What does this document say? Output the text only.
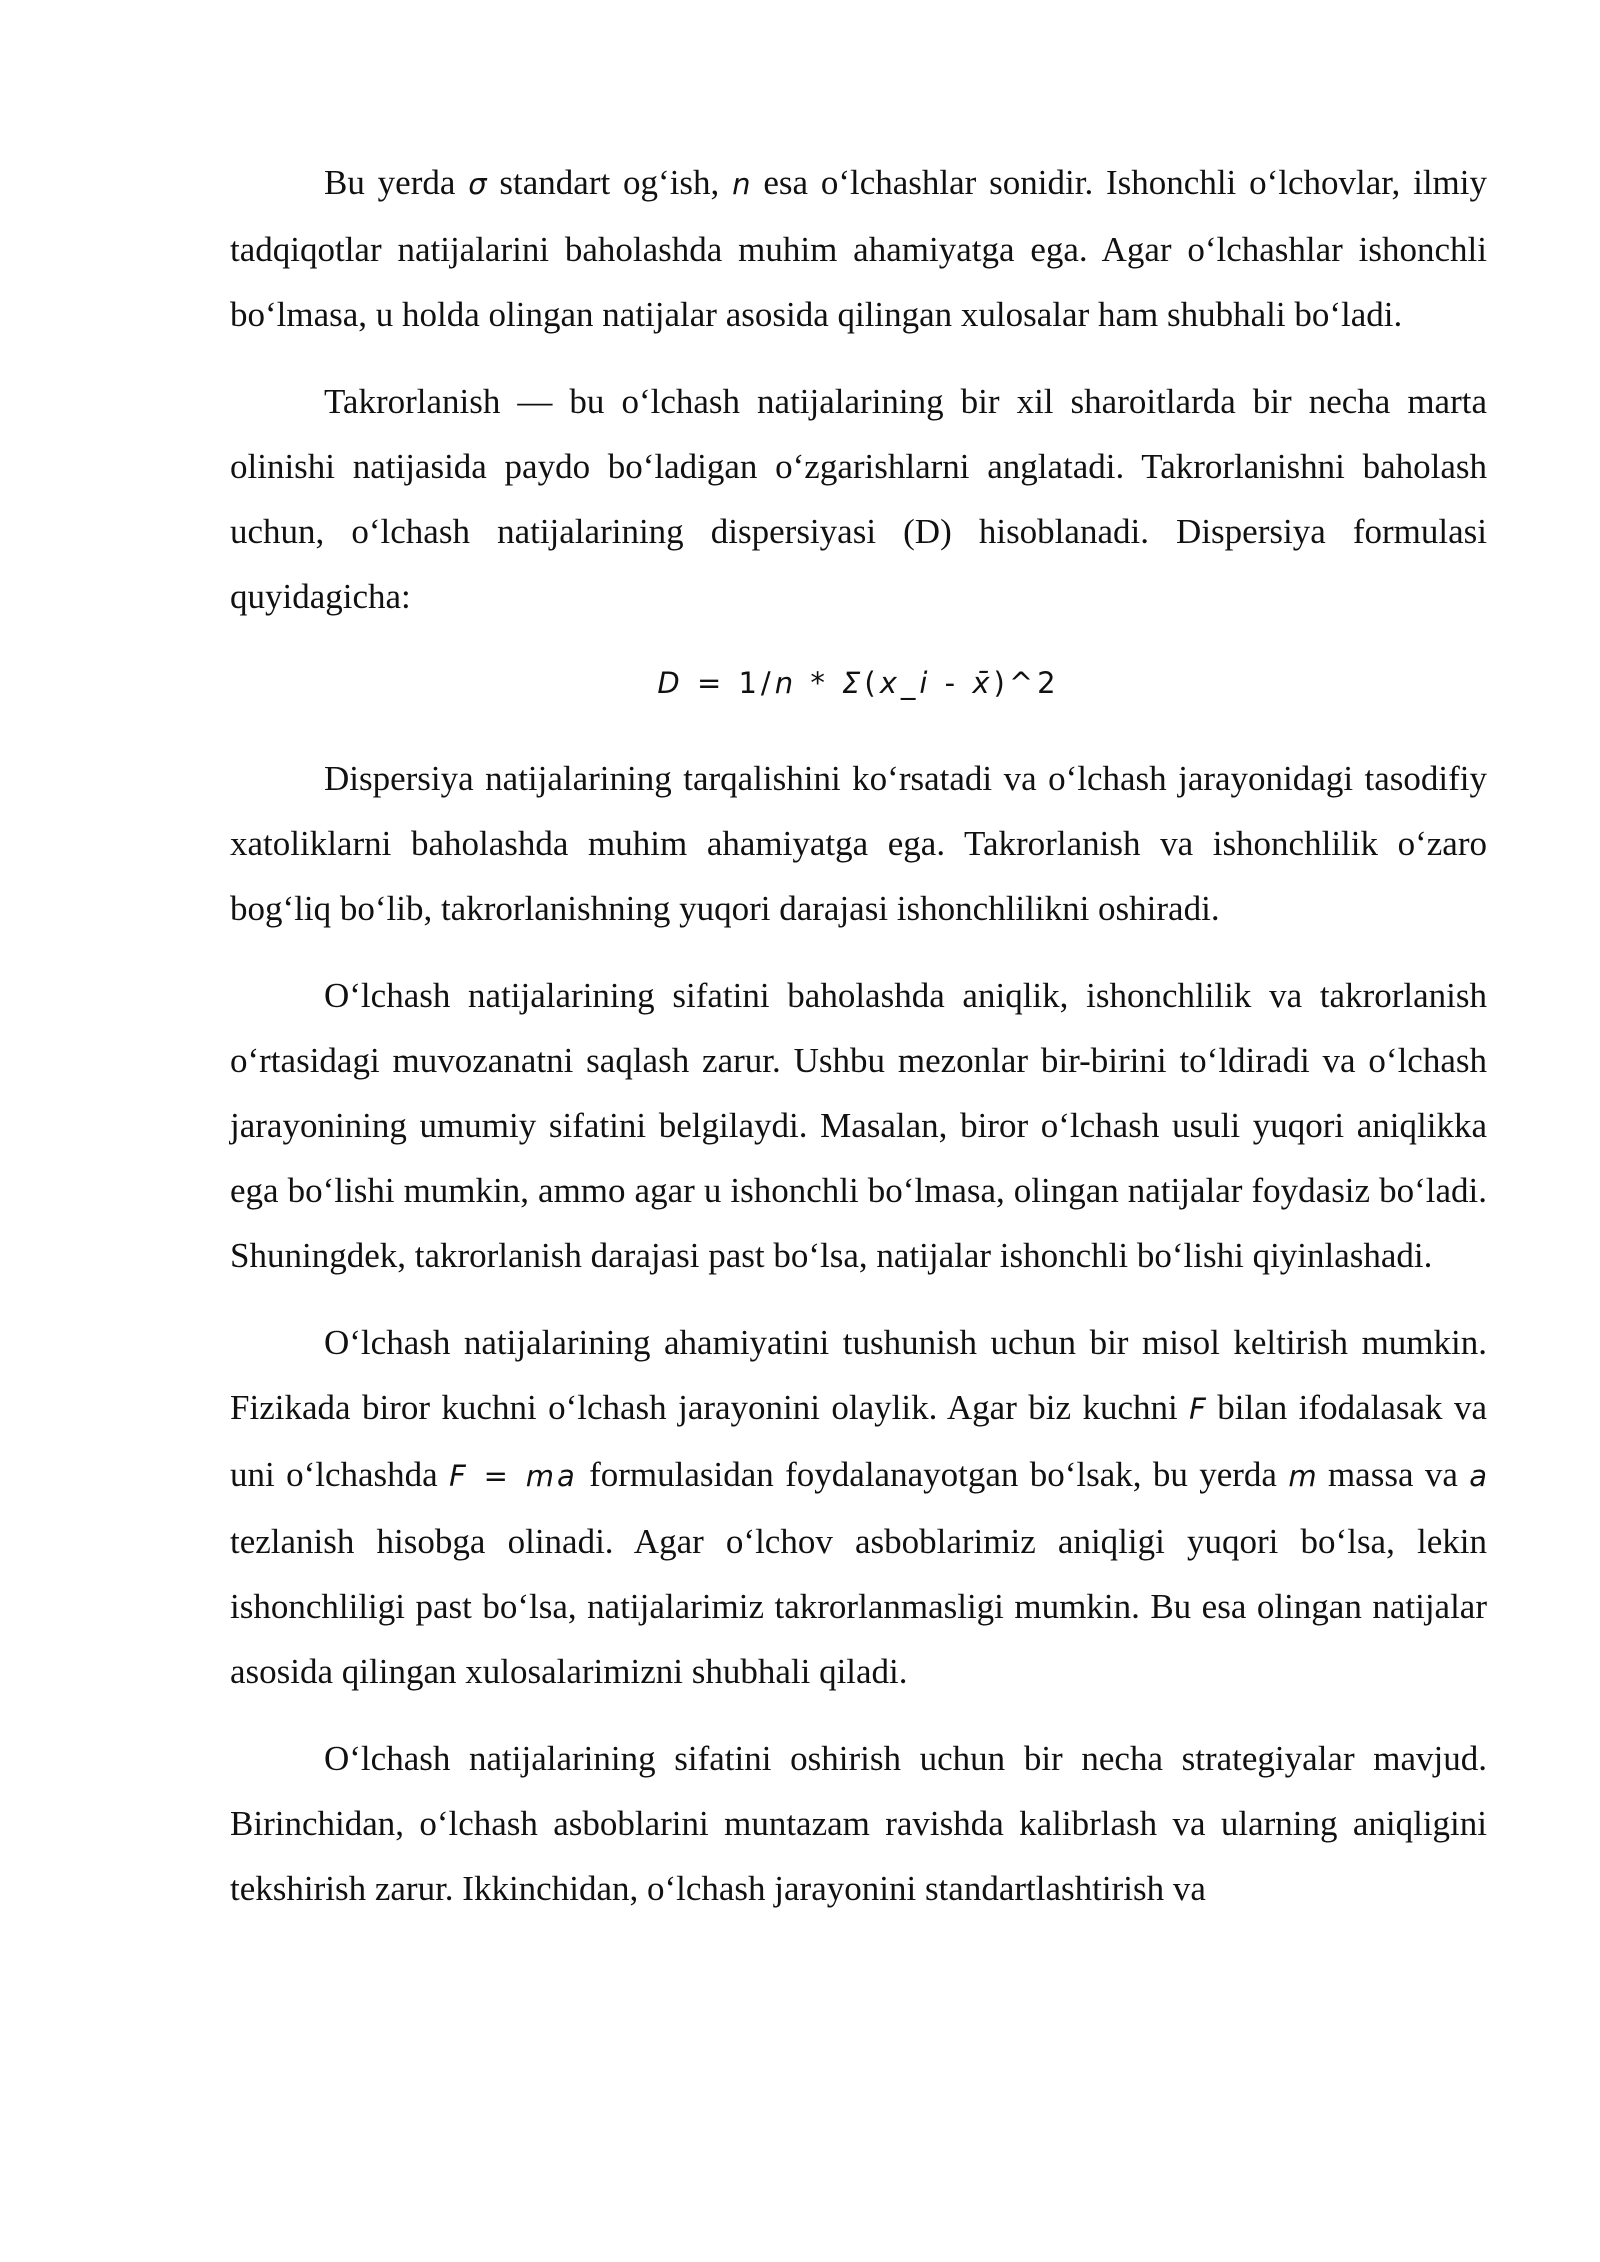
Bu yerda σ standart og‘ish, n esa o‘lchashlar sonidir. Ishonchli o‘lchovlar, ilmiy tadqiqotlar natijalarini baholashda muhim ahamiyatga ega. Agar o‘lchashlar ishonchli bo‘lmasa, u holda olingan natijalar asosida qilingan xulosalar ham shubhali bo‘ladi.

Takrorlanish — bu o‘lchash natijalarining bir xil sharoitlarda bir necha marta olinishi natijasida paydo bo‘ladigan o‘zgarishlarni anglatadi. Takrorlanishni baholash uchun, o‘lchash natijalarining dispersiyasi (D) hisoblanadi. Dispersiya formulasi quyidagicha:

D = 1/n * Σ(x_i - x̄)^2

Dispersiya natijalarining tarqalishini ko‘rsatadi va o‘lchash jarayonidagi tasodifiy xatoliklarni baholashda muhim ahamiyatga ega. Takrorlanish va ishonchlilik o‘zaro bog‘liq bo‘lib, takrorlanishning yuqori darajasi ishonchlilikni oshiradi.

O‘lchash natijalarining sifatini baholashda aniqlik, ishonchlilik va takrorlanish o‘rtasidagi muvozanatni saqlash zarur. Ushbu mezonlar bir-birini to‘ldiradi va o‘lchash jarayonining umumiy sifatini belgilaydi. Masalan, biror o‘lchash usuli yuqori aniqlikka ega bo‘lishi mumkin, ammo agar u ishonchli bo‘lmasa, olingan natijalar foydasiz bo‘ladi. Shuningdek, takrorlanish darajasi past bo‘lsa, natijalar ishonchli bo‘lishi qiyinlashadi.

O‘lchash natijalarining ahamiyatini tushunish uchun bir misol keltirish mumkin. Fizikada biror kuchni o‘lchash jarayonini olaylik. Agar biz kuchni F bilan ifodalasak va uni o‘lchashda F = ma formulasidan foydalanayotgan bo‘lsak, bu yerda m massa va a tezlanish hisobga olinadi. Agar o‘lchov asboblarimiz aniqligi yuqori bo‘lsa, lekin ishonchliligi past bo‘lsa, natijalarimiz takrorlanmasligi mumkin. Bu esa olingan natijalar asosida qilingan xulosalarimizni shubhali qiladi.

O‘lchash natijalarining sifatini oshirish uchun bir necha strategiyalar mavjud. Birinchidan, o‘lchash asboblarini muntazam ravishda kalibrlash va ularning aniqligini tekshirish zarur. Ikkinchidan, o‘lchash jarayonini standartlashtirish va
